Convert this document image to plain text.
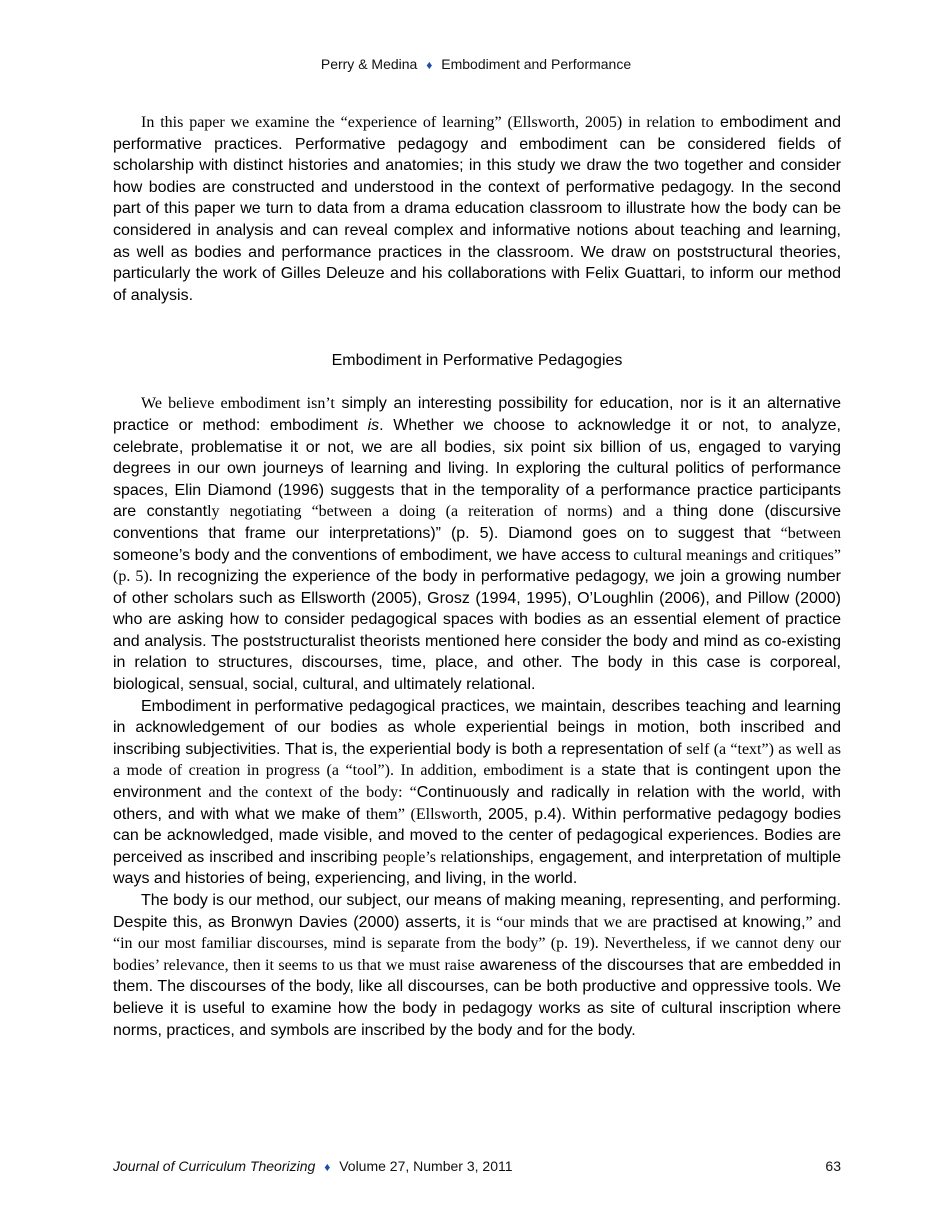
Perry & Medina ♦ Embodiment and Performance

In this paper we examine the “experience of learning” (Ellsworth, 2005) in relation to embodiment and performative practices. Performative pedagogy and embodiment can be considered fields of scholarship with distinct histories and anatomies; in this study we draw the two together and consider how bodies are constructed and understood in the context of performative pedagogy. In the second part of this paper we turn to data from a drama education classroom to illustrate how the body can be considered in analysis and can reveal complex and informative notions about teaching and learning, as well as bodies and performance practices in the classroom. We draw on poststructural theories, particularly the work of Gilles Deleuze and his collaborations with Felix Guattari, to inform our method of analysis.

Embodiment in Performative Pedagogies

We believe embodiment isn’t simply an interesting possibility for education, nor is it an alternative practice or method: embodiment is. Whether we choose to acknowledge it or not, to analyze, celebrate, problematise it or not, we are all bodies, six point six billion of us, engaged to varying degrees in our own journeys of learning and living. In exploring the cultural politics of performance spaces, Elin Diamond (1996) suggests that in the temporality of a performance practice participants are constantly negotiating “between a doing (a reiteration of norms) and a thing done (discursive conventions that frame our interpretations)” (p. 5). Diamond goes on to suggest that “between someone’s body and the conventions of embodiment, we have access to cultural meanings and critiques” (p. 5). In recognizing the experience of the body in performative pedagogy, we join a growing number of other scholars such as Ellsworth (2005), Grosz (1994, 1995), O’Loughlin (2006), and Pillow (2000) who are asking how to consider pedagogical spaces with bodies as an essential element of practice and analysis. The poststructuralist theorists mentioned here consider the body and mind as co-existing in relation to structures, discourses, time, place, and other. The body in this case is corporeal, biological, sensual, social, cultural, and ultimately relational.

Embodiment in performative pedagogical practices, we maintain, describes teaching and learning in acknowledgement of our bodies as whole experiential beings in motion, both inscribed and inscribing subjectivities. That is, the experiential body is both a representation of self (a “text”) as well as a mode of creation in progress (a “tool”). In addition, embodiment is a state that is contingent upon the environment and the context of the body: “Continuously and radically in relation with the world, with others, and with what we make of them” (Ellsworth, 2005, p.4). Within performative pedagogy bodies can be acknowledged, made visible, and moved to the center of pedagogical experiences. Bodies are perceived as inscribed and inscribing people’s relationships, engagement, and interpretation of multiple ways and histories of being, experiencing, and living, in the world.

The body is our method, our subject, our means of making meaning, representing, and performing. Despite this, as Bronwyn Davies (2000) asserts, it is “our minds that we are practised at knowing,” and “in our most familiar discourses, mind is separate from the body” (p. 19). Nevertheless, if we cannot deny our bodies’ relevance, then it seems to us that we must raise awareness of the discourses that are embedded in them. The discourses of the body, like all discourses, can be both productive and oppressive tools. We believe it is useful to examine how the body in pedagogy works as site of cultural inscription where norms, practices, and symbols are inscribed by the body and for the body.

Journal of Curriculum Theorizing ♦ Volume 27, Number 3, 2011	63
